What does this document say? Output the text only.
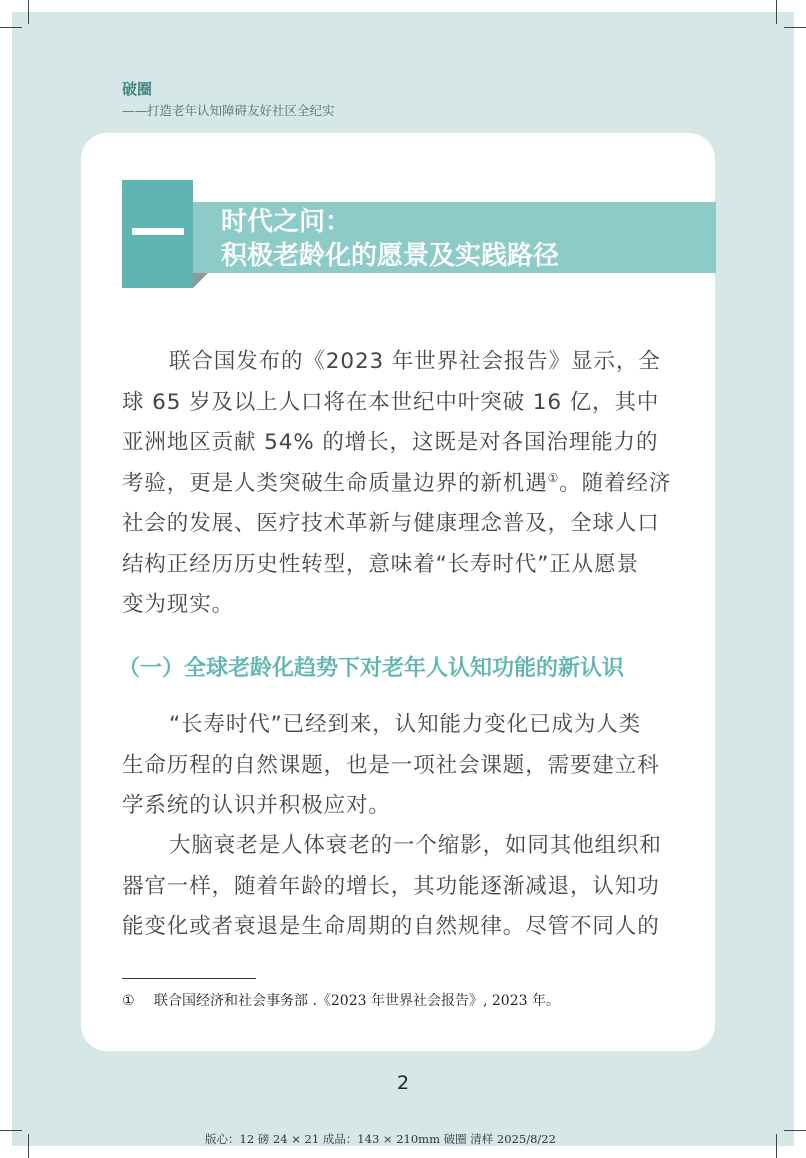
破圈
——打造老年认知障碍友好社区全纪实
时代之问：
积极老龄化的愿景及实践路径
联合国发布的《2023 年世界社会报告》显示，全
球 65 岁及以上人口将在本世纪中叶突破 16 亿，其中
亚洲地区贡献 54% 的增长，这既是对各国治理能力的
考验，更是人类突破生命质量边界的新机遇①。随着经济
社会的发展、医疗技术革新与健康理念普及，全球人口
结构正经历历史性转型，意味着“长寿时代”正从愿景
变为现实。
（一）全球老龄化趋势下对老年人认知功能的新认识
“长寿时代”已经到来，认知能力变化已成为人类
生命历程的自然课题，也是一项社会课题，需要建立科
学系统的认识并积极应对。
大脑衰老是人体衰老的一个缩影，如同其他组织和
器官一样，随着年龄的增长，其功能逐渐减退，认知功
能变化或者衰退是生命周期的自然规律。尽管不同人的
① 联合国经济和社会事务部 .《2023 年世界社会报告》, 2023 年。
2
版心：12 磅 24 × 21 成品：143 × 210mm 破圈 清样 2025/8/22
